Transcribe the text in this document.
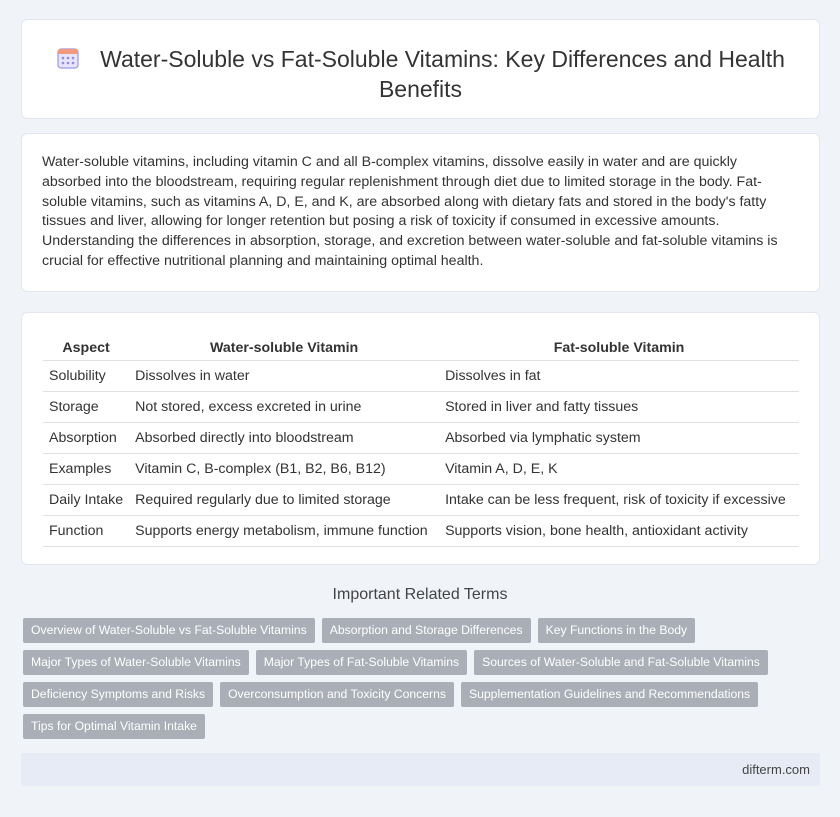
Water-Soluble vs Fat-Soluble Vitamins: Key Differences and Health Benefits

Water-soluble vitamins, including vitamin C and all B-complex vitamins, dissolve easily in water and are quickly absorbed into the bloodstream, requiring regular replenishment through diet due to limited storage in the body. Fat-soluble vitamins, such as vitamins A, D, E, and K, are absorbed along with dietary fats and stored in the body's fatty tissues and liver, allowing for longer retention but posing a risk of toxicity if consumed in excessive amounts. Understanding the differences in absorption, storage, and excretion between water-soluble and fat-soluble vitamins is crucial for effective nutritional planning and maintaining optimal health.

Aspect	Water-soluble Vitamin	Fat-soluble Vitamin
Solubility	Dissolves in water	Dissolves in fat
Storage	Not stored, excess excreted in urine	Stored in liver and fatty tissues
Absorption	Absorbed directly into bloodstream	Absorbed via lymphatic system
Examples	Vitamin C, B-complex (B1, B2, B6, B12)	Vitamin A, D, E, K
Daily Intake	Required regularly due to limited storage	Intake can be less frequent, risk of toxicity if excessive
Function	Supports energy metabolism, immune function	Supports vision, bone health, antioxidant activity
Important Related Terms
Overview of Water-Soluble vs Fat-Soluble Vitamins	Absorption and Storage Differences	Key Functions in the Body
Major Types of Water-Soluble Vitamins	Major Types of Fat-Soluble Vitamins	Sources of Water-Soluble and Fat-Soluble Vitamins
Deficiency Symptoms and Risks	Overconsumption and Toxicity Concerns	Supplementation Guidelines and Recommendations
Tips for Optimal Vitamin Intake
difterm.com
